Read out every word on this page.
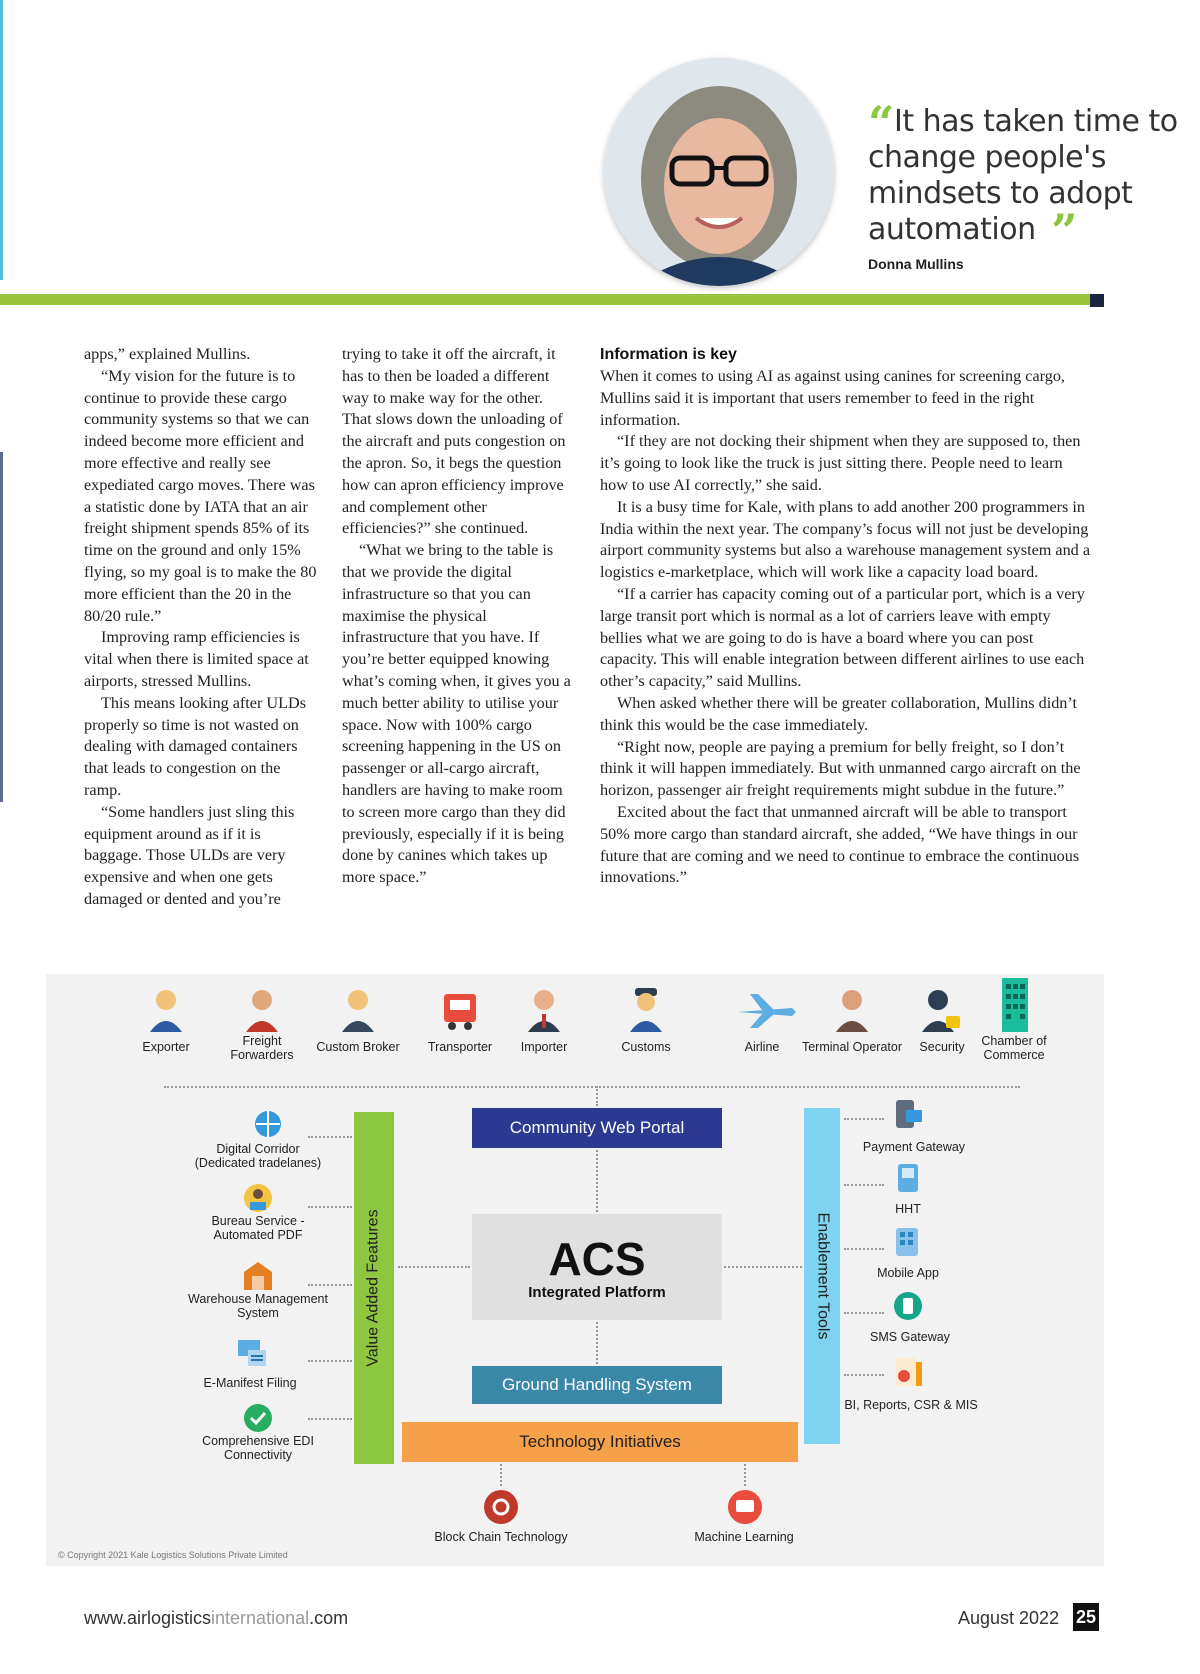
“It has taken time to change people's mindsets to adopt automation ”
Donna Mullins

apps,” explained Mullins.

“My vision for the future is to continue to provide these cargo community systems so that we can indeed become more efficient and more effective and really see expediated cargo moves. There was a statistic done by IATA that an air freight shipment spends 85% of its time on the ground and only 15% flying, so my goal is to make the 80 more efficient than the 20 in the 80/20 rule.”

Improving ramp efficiencies is vital when there is limited space at airports, stressed Mullins.

This means looking after ULDs properly so time is not wasted on dealing with damaged containers that leads to congestion on the ramp.

“Some handlers just sling this equipment around as if it is baggage. Those ULDs are very expensive and when one gets damaged or dented and you’re

trying to take it off the aircraft, it has to then be loaded a different way to make way for the other. That slows down the unloading of the aircraft and puts congestion on the apron. So, it begs the question how can apron efficiency improve and complement other efficiencies?” she continued.

“What we bring to the table is that we provide the digital infrastructure so that you can maximise the physical infrastructure that you have. If you’re better equipped knowing what’s coming when, it gives you a much better ability to utilise your space. Now with 100% cargo screening happening in the US on passenger or all-cargo aircraft, handlers are having to make room to screen more cargo than they did previously, especially if it is being done by canines which takes up more space.”

Information is key

When it comes to using AI as against using canines for screening cargo, Mullins said it is important that users remember to feed in the right information.

“If they are not docking their shipment when they are supposed to, then it’s going to look like the truck is just sitting there. People need to learn how to use AI correctly,” she said.

It is a busy time for Kale, with plans to add another 200 programmers in India within the next year. The company’s focus will not just be developing airport community systems but also a warehouse management system and a logistics e-marketplace, which will work like a capacity load board.

“If a carrier has capacity coming out of a particular port, which is a very large transit port which is normal as a lot of carriers leave with empty bellies what we are going to do is have a board where you can post capacity. This will enable integration between different airlines to use each other’s capacity,” said Mullins.

When asked whether there will be greater collaboration, Mullins didn’t think this would be the case immediately.

“Right now, people are paying a premium for belly freight, so I don’t think it will happen immediately. But with unmanned cargo aircraft on the horizon, passenger air freight requirements might subdue in the future.”

Excited about the fact that unmanned aircraft will be able to transport 50% more cargo than standard aircraft, she added, “We have things in our future that are coming and we need to continue to embrace the continuous innovations.”

Exporter	Freight Forwarders
Custom Broker	Transporter	Importer	Customs	Airline	Terminal Operator	Security	Chamber of Commerce
Community Web Portal
ACS
Integrated Platform
Ground Handling System
Technology Initiatives
Value Added Features	Enablement Tools
Digital Corridor (Dedicated tradelanes)
Bureau Service - Automated PDF
Warehouse Management System
E-Manifest Filing
Comprehensive EDI Connectivity
Payment Gateway
HHT
Mobile App
SMS Gateway
BI, Reports, CSR & MIS
Block Chain Technology	Machine Learning
© Copyright 2021 Kale Logistics Solutions Private Limited
www.airlogisticsinternational.com	August 2022 25
